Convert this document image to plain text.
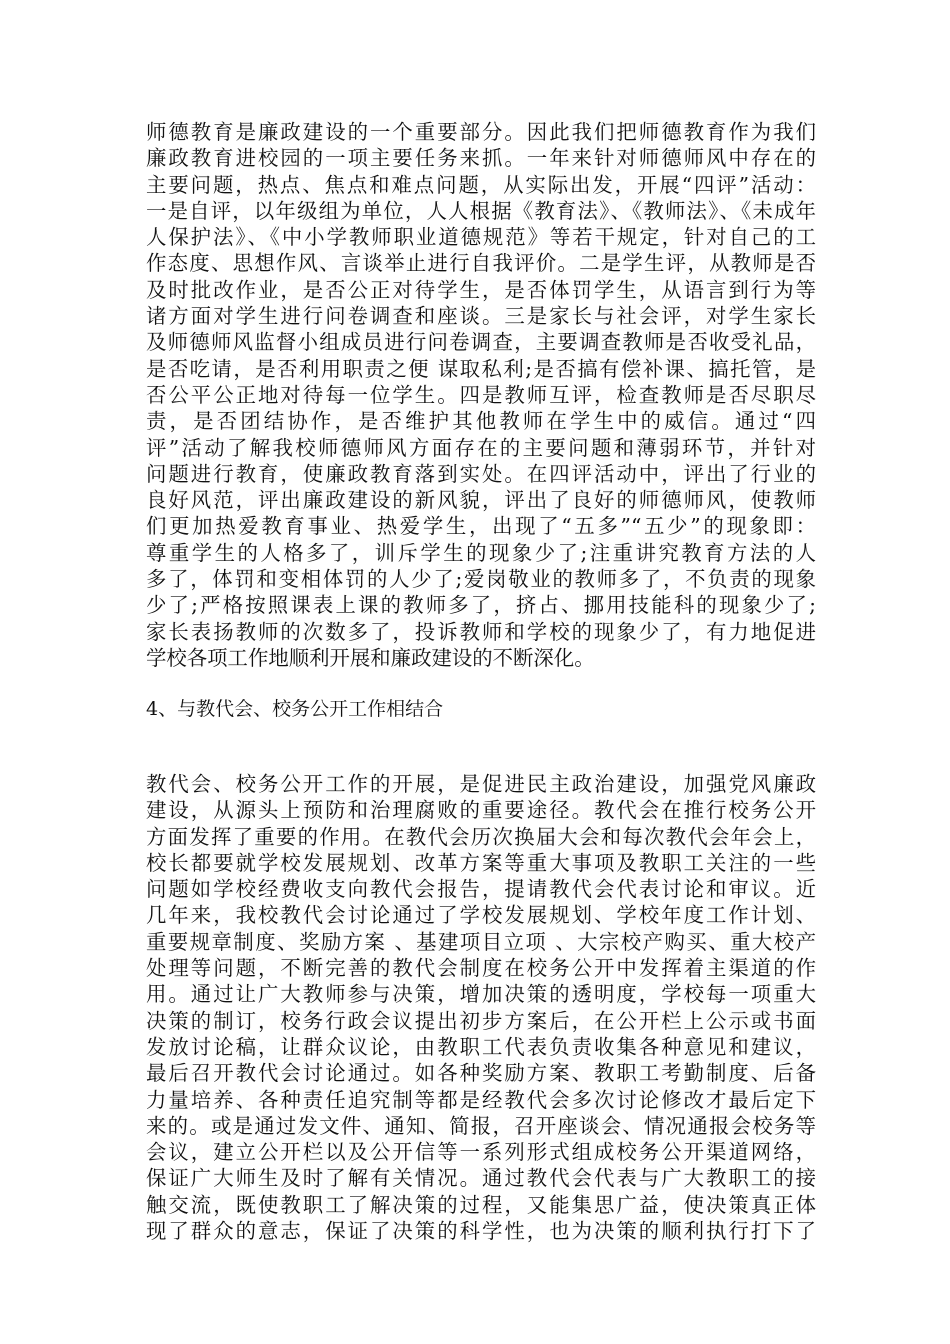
师德教育是廉政建设的一个重要部分。因此我们把师德教育作为我们
廉政教育进校园的一项主要任务来抓。一年来针对师德师风中存在的
主要问题，热点、焦点和难点问题，从实际出发，开展“四评”活动：
一是自评，以年级组为单位，人人根据《教育法》、《教师法》、《未成年
人保护法》、《中小学教师职业道德规范》等若干规定，针对自己的工
作态度、思想作风、言谈举止进行自我评价。二是学生评，从教师是否
及时批改作业，是否公正对待学生，是否体罚学生，从语言到行为等
诸方面对学生进行问卷调查和座谈。三是家长与社会评，对学生家长
及师德师风监督小组成员进行问卷调查，主要调查教师是否收受礼品，
是否吃请，是否利用职责之便 谋取私利;是否搞有偿补课、搞托管，是
否公平公正地对待每一位学生。四是教师互评，检查教师是否尽职尽
责，是否团结协作，是否维护其他教师在学生中的威信。通过“四
评”活动了解我校师德师风方面存在的主要问题和薄弱环节，并针对
问题进行教育，使廉政教育落到实处。在四评活动中，评出了行业的
良好风范，评出廉政建设的新风貌，评出了良好的师德师风，使教师
们更加热爱教育事业、热爱学生，出现了“五多”“五少”的现象即：
尊重学生的人格多了，训斥学生的现象少了;注重讲究教育方法的人
多了，体罚和变相体罚的人少了;爱岗敬业的教师多了，不负责的现象
少了;严格按照课表上课的教师多了，挤占、挪用技能科的现象少了;
家长表扬教师的次数多了，投诉教师和学校的现象少了，有力地促进
学校各项工作地顺利开展和廉政建设的不断深化。
4、与教代会、校务公开工作相结合
教代会、校务公开工作的开展，是促进民主政治建设，加强党风廉政
建设，从源头上预防和治理腐败的重要途径。教代会在推行校务公开
方面发挥了重要的作用。在教代会历次换届大会和每次教代会年会上，
校长都要就学校发展规划、改革方案等重大事项及教职工关注的一些
问题如学校经费收支向教代会报告，提请教代会代表讨论和审议。近
几年来，我校教代会讨论通过了学校发展规划、学校年度工作计划、
重要规章制度、奖励方案 、基建项目立项 、大宗校产购买、重大校产
处理等问题，不断完善的教代会制度在校务公开中发挥着主渠道的作
用。通过让广大教师参与决策，增加决策的透明度，学校每一项重大
决策的制订，校务行政会议提出初步方案后，在公开栏上公示或书面
发放讨论稿，让群众议论，由教职工代表负责收集各种意见和建议，
最后召开教代会讨论通过。如各种奖励方案、教职工考勤制度、后备
力量培养、各种责任追究制等都是经教代会多次讨论修改才最后定下
来的。或是通过发文件、通知、简报，召开座谈会、情况通报会校务等
会议，建立公开栏以及公开信等一系列形式组成校务公开渠道网络，
保证广大师生及时了解有关情况。通过教代会代表与广大教职工的接
触交流，既使教职工了解决策的过程，又能集思广益，使决策真正体
现了群众的意志，保证了决策的科学性，也为决策的顺利执行打下了
